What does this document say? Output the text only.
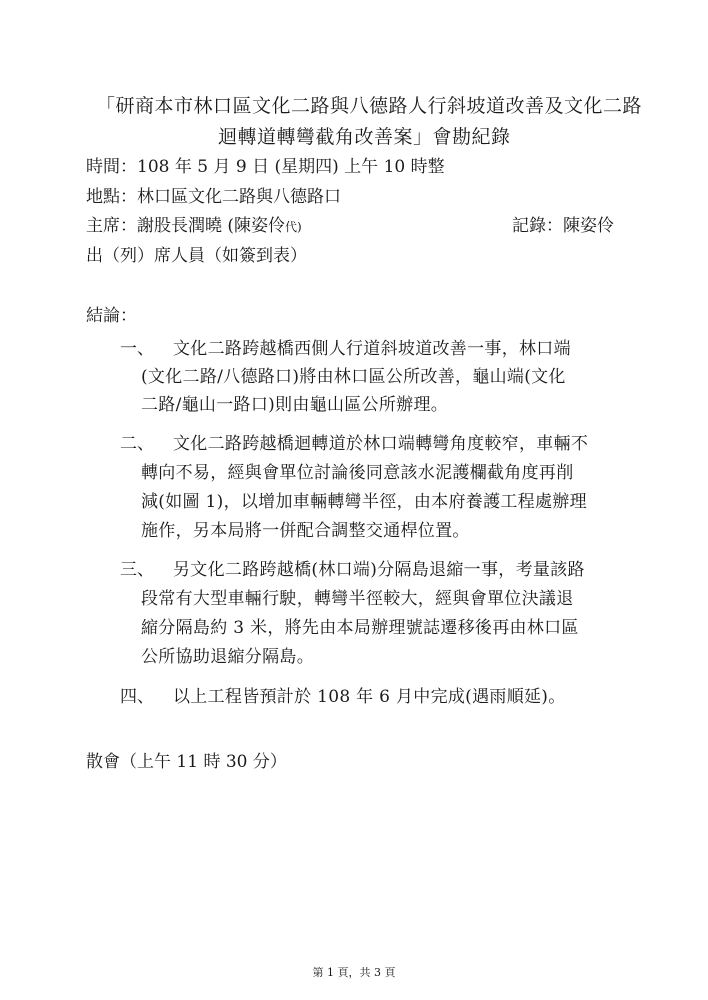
「研商本市林口區文化二路與八德路人行斜坡道改善及文化二路
迴轉道轉彎截角改善案」會勘紀錄
時間：108 年 5 月 9 日 (星期四) 上午 10 時整
地點：林口區文化二路與八德路口
主席：謝股長潤曉 (陳姿伶代)	記錄：陳姿伶
出（列）席人員（如簽到表）
結論：
一、 文化二路跨越橋西側人行道斜坡道改善一事，林口端
(文化二路/八德路口)將由林口區公所改善，龜山端(文化
二路/龜山一路口)則由龜山區公所辦理。
二、 文化二路跨越橋迴轉道於林口端轉彎角度較窄，車輛不
轉向不易，經與會單位討論後同意該水泥護欄截角度再削
減(如圖 1)，以增加車輛轉彎半徑，由本府養護工程處辦理
施作，另本局將一併配合調整交通桿位置。
三、 另文化二路跨越橋(林口端)分隔島退縮一事，考量該路
段常有大型車輛行駛，轉彎半徑較大，經與會單位決議退
縮分隔島約 3 米，將先由本局辦理號誌遷移後再由林口區
公所協助退縮分隔島。
四、 以上工程皆預計於 108 年 6 月中完成(遇雨順延)。
散會（上午 11 時 30 分）
第 1 頁，共 3 頁
